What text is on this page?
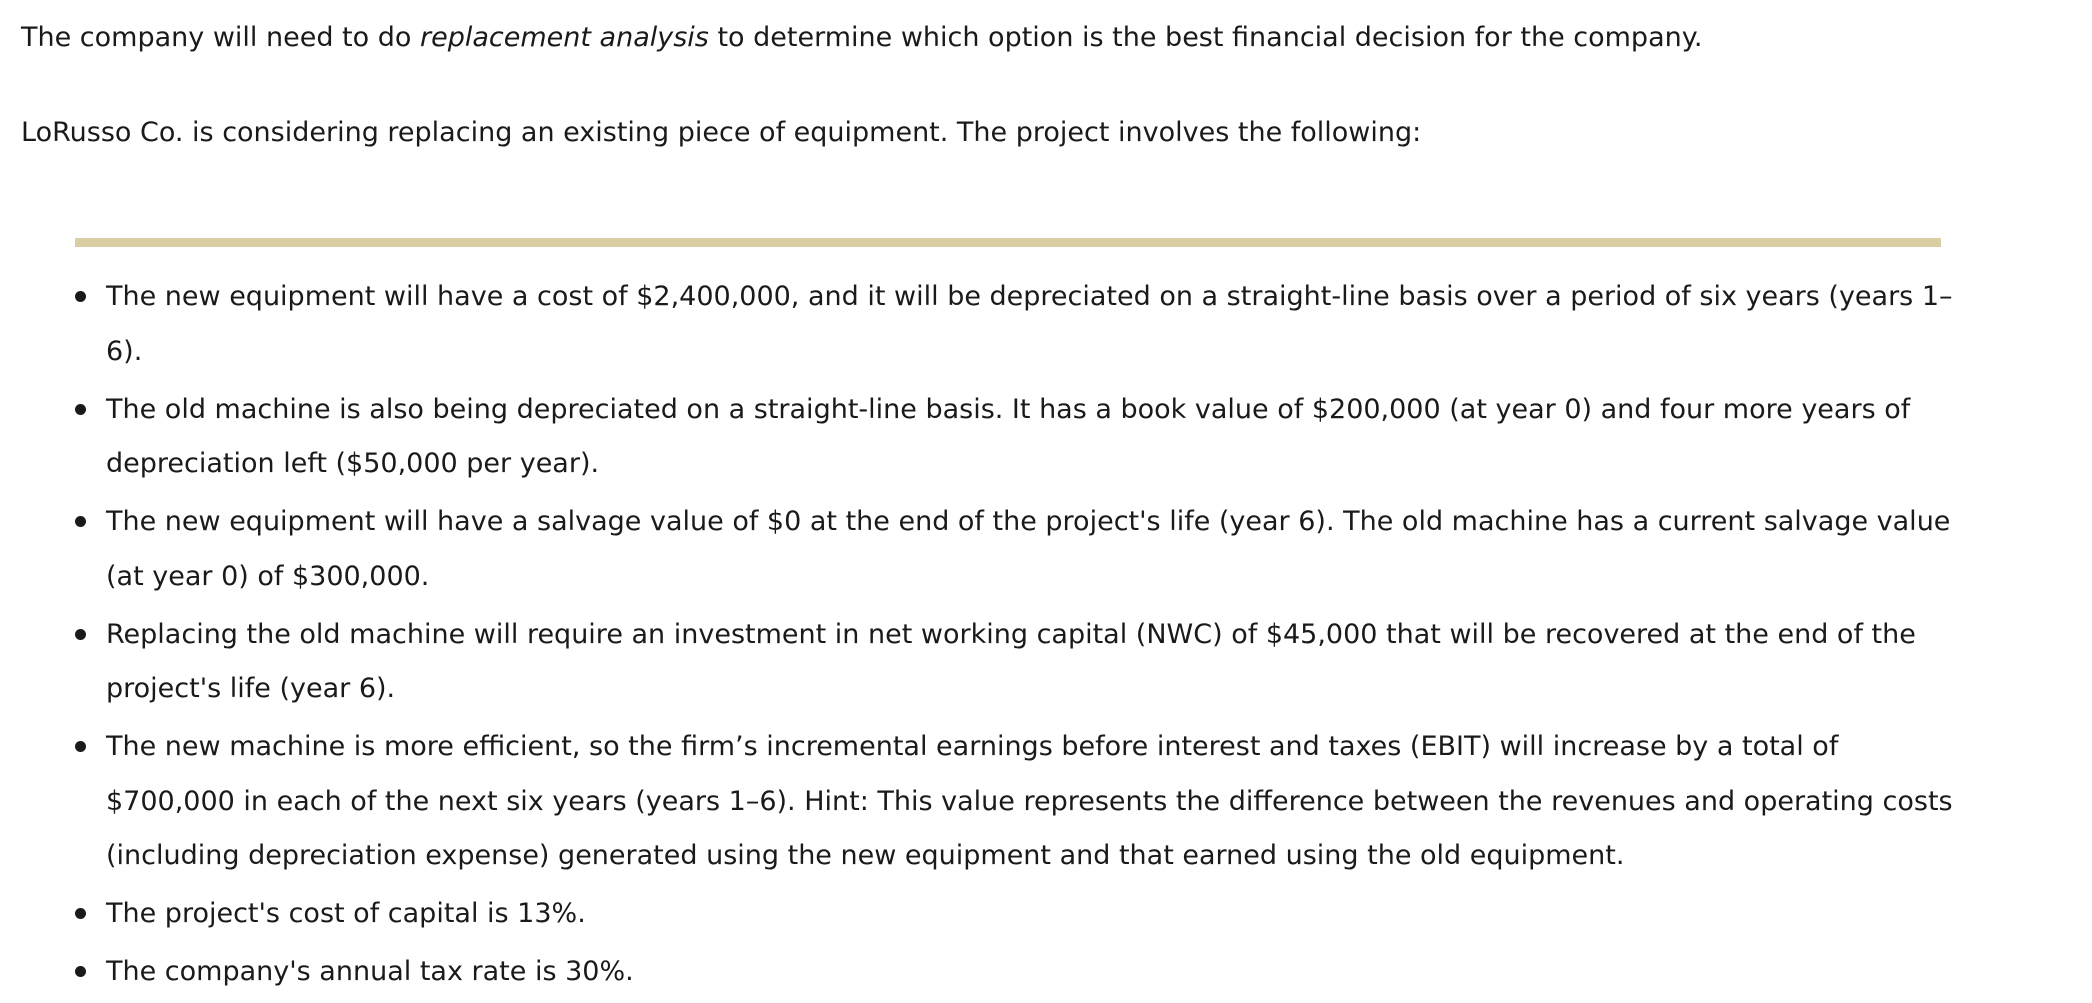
The company will need to do replacement analysis to determine which option is the best financial decision for the company.

LoRusso Co. is considering replacing an existing piece of equipment. The project involves the following:

The new equipment will have a cost of $2,400,000, and it will be depreciated on a straight-line basis over a period of six years (years 1–6).
The old machine is also being depreciated on a straight-line basis. It has a book value of $200,000 (at year 0) and four more years of depreciation left ($50,000 per year).
The new equipment will have a salvage value of $0 at the end of the project's life (year 6). The old machine has a current salvage value (at year 0) of $300,000.
Replacing the old machine will require an investment in net working capital (NWC) of $45,000 that will be recovered at the end of the project's life (year 6).
The new machine is more efficient, so the firm’s incremental earnings before interest and taxes (EBIT) will increase by a total of $700,000 in each of the next six years (years 1–6). Hint: This value represents the difference between the revenues and operating costs (including depreciation expense) generated using the new equipment and that earned using the old equipment.
The project's cost of capital is 13%.
The company's annual tax rate is 30%.
